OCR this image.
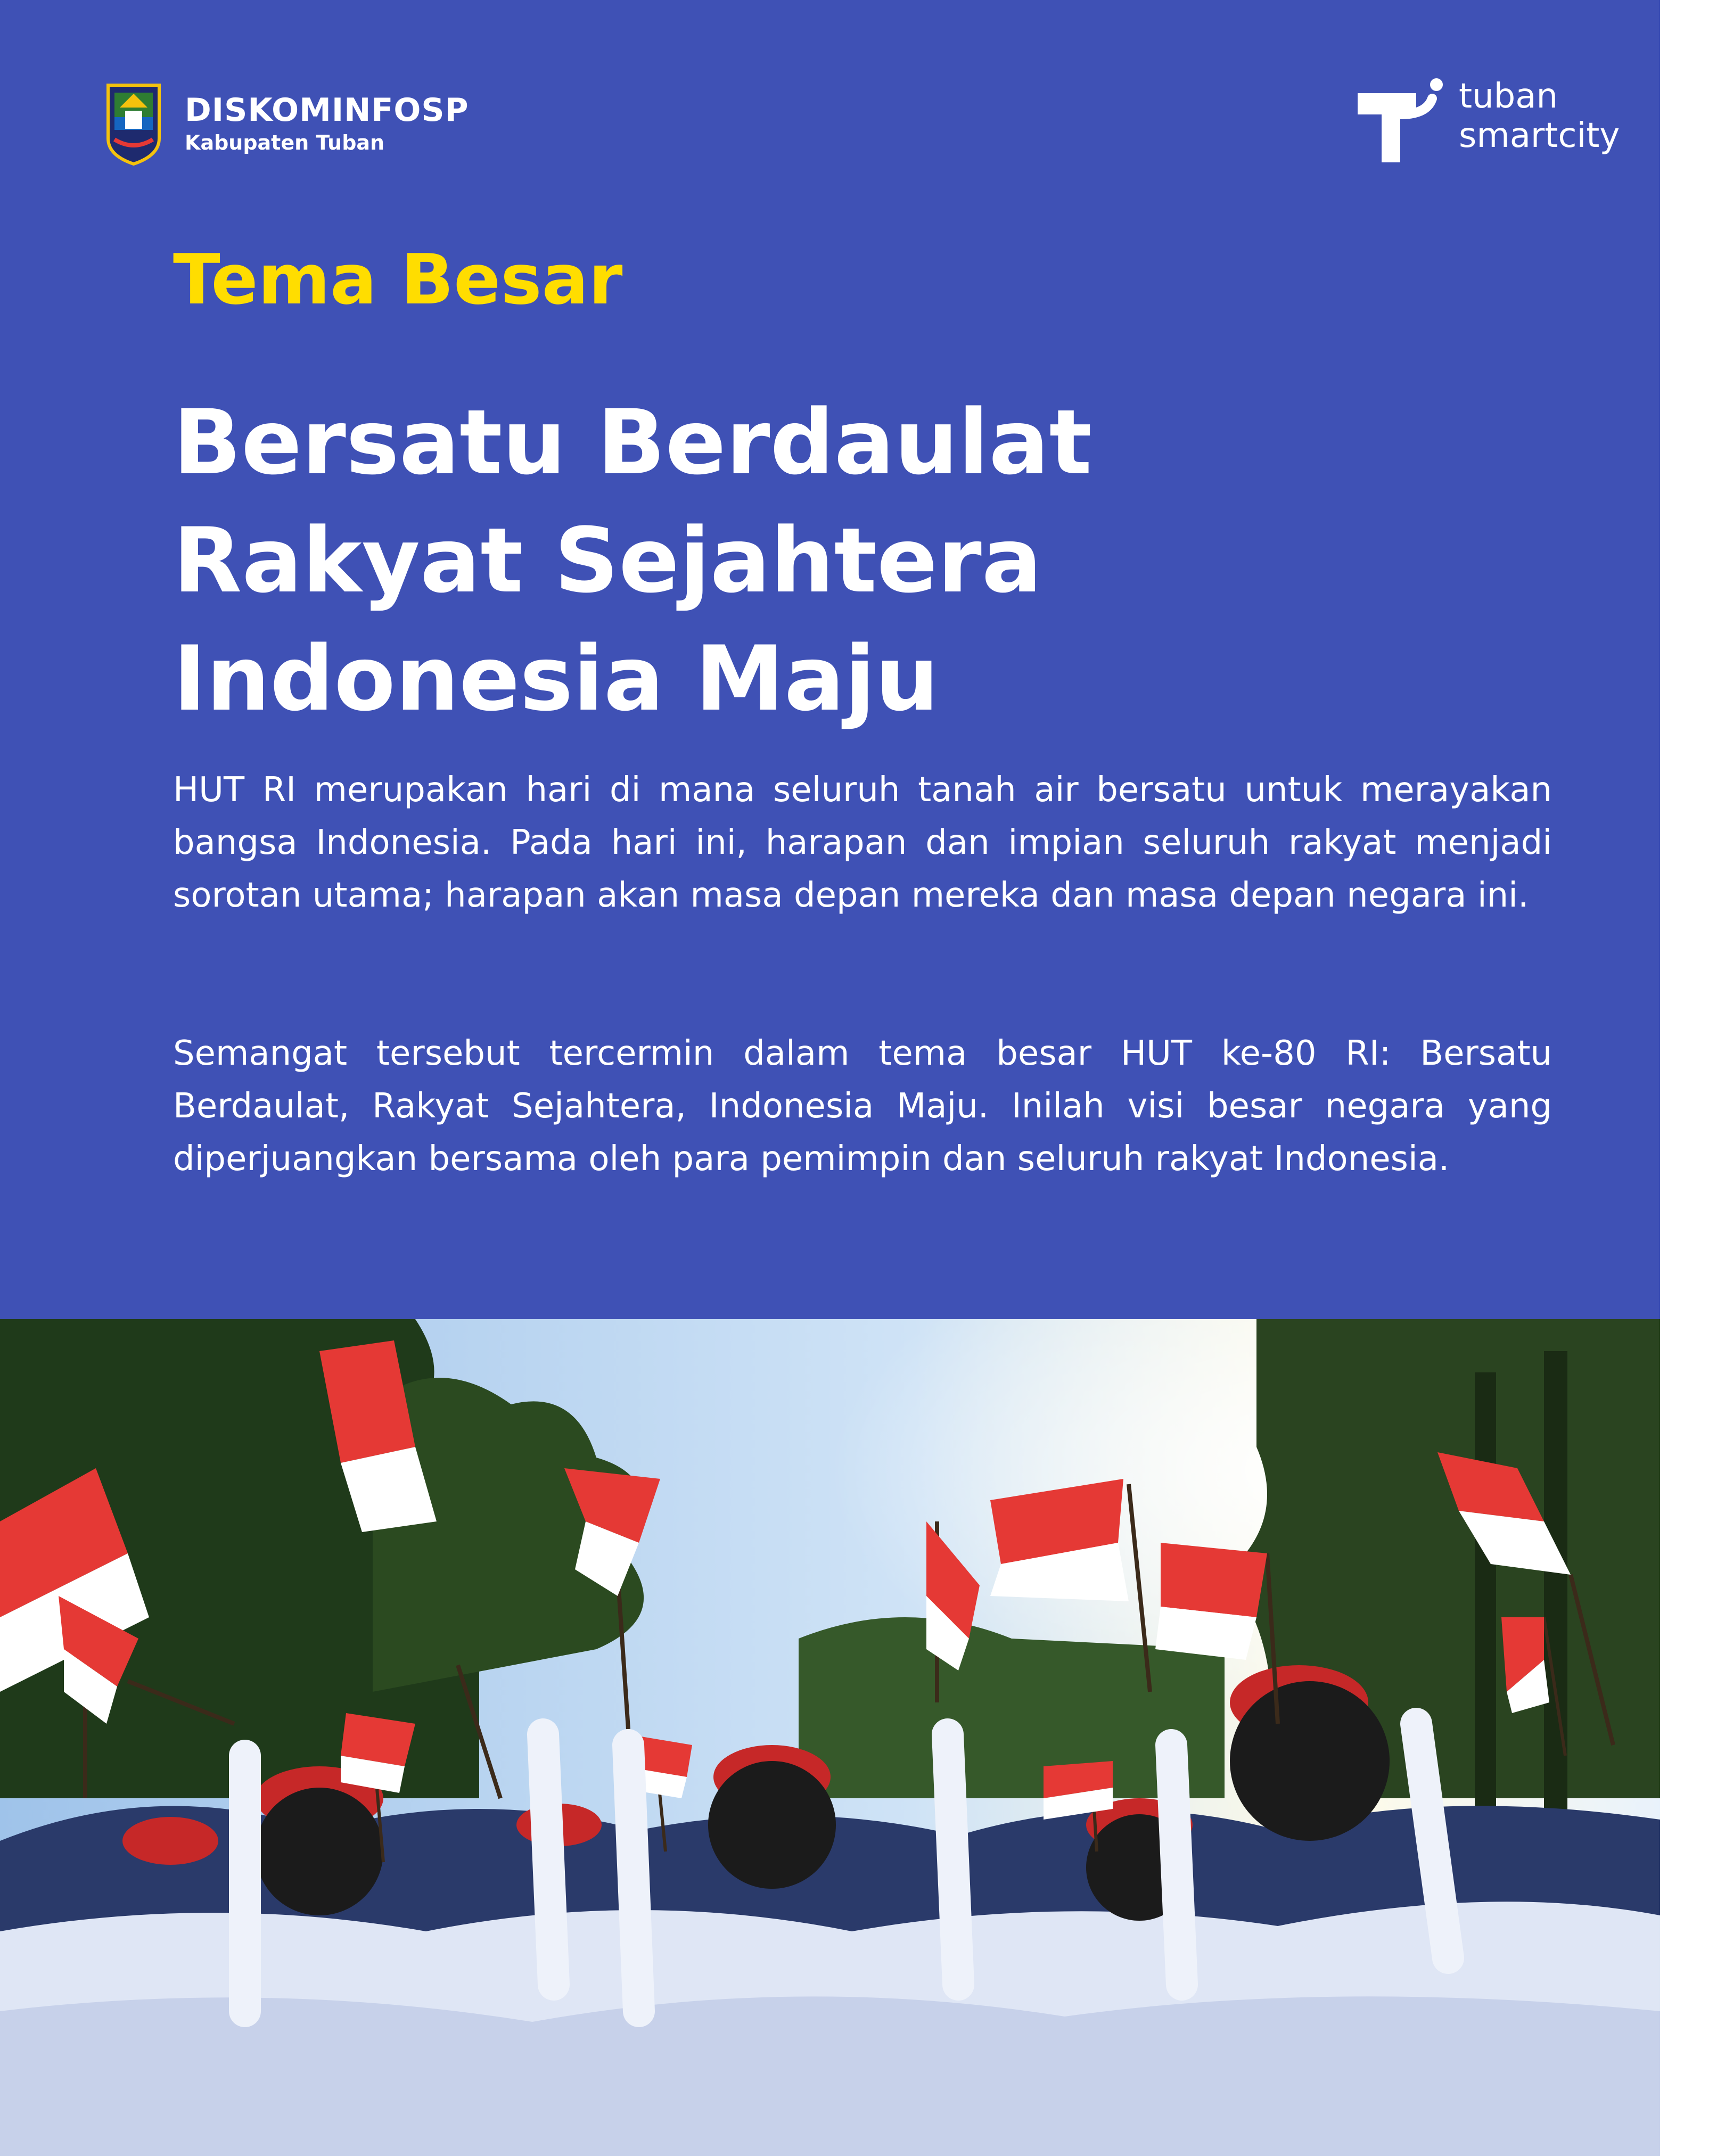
DISKOMINFOSP
Kabupaten Tuban
tuban
smartcity
Tema Besar
Bersatu Berdaulat
Rakyat Sejahtera
Indonesia Maju
HUT RI merupakan hari di mana seluruh tanah air bersatu untuk merayakan bangsa Indonesia. Pada hari ini, harapan dan impian seluruh rakyat menjadi sorotan utama; harapan akan masa depan mereka dan masa depan negara ini.
Semangat tersebut tercermin dalam tema besar HUT ke-80 RI: Bersatu Berdaulat, Rakyat Sejahtera, Indonesia Maju. Inilah visi besar negara yang diperjuangkan bersama oleh para pemimpin dan seluruh rakyat Indonesia.
